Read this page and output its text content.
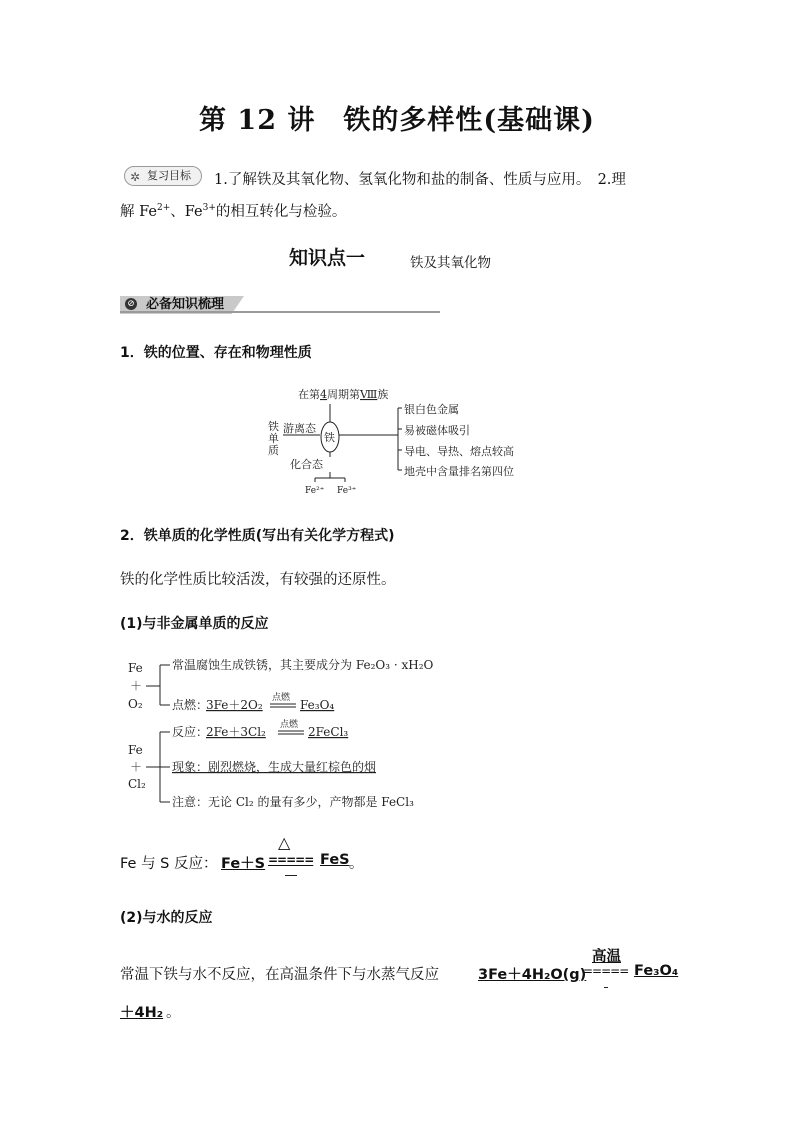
第 12 讲　铁的多样性(基础课)
✲ 复习目标	1.了解铁及其氧化物、氢氧化物和盐的制备、性质与应用。　2.理
解 $Fe^{2+}$、$Fe^{3+}$的相互转化与检验。
知识点一	铁及其氧化物
⊘ 必备知识梳理
1．铁的位置、存在和物理性质
在第4周期第Ⅷ族
铁
单
质
游离态
铁
化合态
Fe²⁺ Fe³⁺
银白色金属
易被磁体吸引
导电、导热、熔点较高
地壳中含量排名第四位
2．铁单质的化学性质(写出有关化学方程式)
铁的化学性质比较活泼，有较强的还原性。
(1)与非金属单质的反应
Fe
＋
O₂
常温腐蚀生成铁锈，其主要成分为 Fe₂O₃ · xH₂O
点燃：
3Fe＋2O₂ 点燃 Fe₃O₄
Fe
＋
Cl₂
反应：
2Fe＋3Cl₂ 点燃 2FeCl₃
现象：剧烈燃烧，生成大量红棕色的烟
注意：无论 Cl₂ 的量有多少，产物都是 FeCl₃
Fe 与 S 反应： Fe＋S
△
===== FeS 。
(2)与水的反应
常温下铁与水不反应，在高温条件下与水蒸气反应	3Fe＋4H₂O(g)
高温
===== Fe₃O₄
＋4H₂ 。
